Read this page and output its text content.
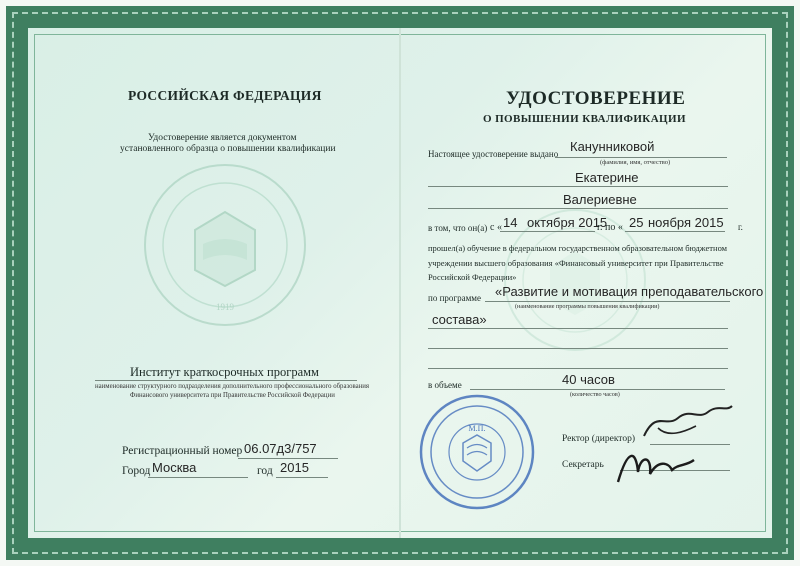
РОССИЙСКАЯ ФЕДЕРАЦИЯ
Удостоверение является документом
установленного образца о повышении квалификации
1919
Институт краткосрочных программ
наименование структурного подразделения дополнительного профессионального образования
Финансового университета при Правительстве Российской Федерации
Регистрационный номер 06.07д3/757
Город Москва	год 2015
УДОСТОВЕРЕНИЕ
О ПОВЫШЕНИИ КВАЛИФИКАЦИИ
Настоящее удостоверение выдано Канунниковой
(фамилия, имя, отчество)
Екатерине
Валериевне
в том, что он(а) с « 14 октября 2015
г. по « 25 ноября 2015 г.
прошел(а) обучение в федеральном государственном образовательном бюджетном
учреждении высшего образования «Финансовый университет при Правительстве
Российской Федерации»
по программе «Развитие и мотивация преподавательского
(наименование программы повышения квалификации)
состава»
в объеме	40 часов
(количество часов)
М.П.
Ректор (директор)
Секретарь
